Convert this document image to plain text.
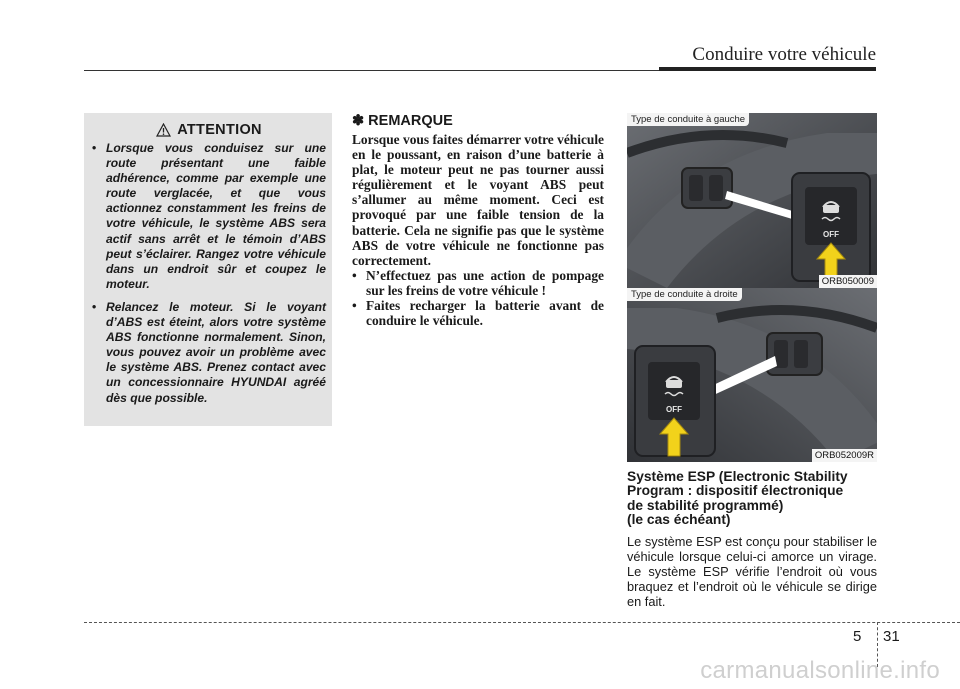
Conduire votre véhicule
ATTENTION
• Lorsque vous conduisez sur une route présentant une faible adhérence, comme par exemple une route verglacée, et que vous actionnez constamment les freins de votre véhicule, le système ABS sera actif sans arrêt et le témoin d’ABS peut s’éclairer. Rangez votre véhicule dans un endroit sûr et coupez le moteur.
• Relancez le moteur. Si le voyant d’ABS est éteint, alors votre système ABS fonctionne normalement. Sinon, vous pouvez avoir un problème avec le système ABS. Prenez contact avec un concessionnaire HYUNDAI agréé dès que possible.
✽ REMARQUE

Lorsque vous faites démarrer votre véhicule en le poussant, en raison d’une batterie à plat, le moteur peut ne pas tourner aussi régulièrement et le voyant ABS peut s’allumer au même moment. Ceci est provoqué par une faible tension de la batterie. Cela ne signifie pas que le système ABS de votre véhicule ne fonctionne pas correctement.

• N’effectuez pas une action de pompage sur les freins de votre véhicule !
• Faites recharger la batterie avant de conduire le véhicule.
OFF
Type de conduite à gauche
ORB050009
OFF
Type de conduite à droite
ORB052009R
Système ESP (Electronic Stability
Program : dispositif électronique
de stabilité programmé)
(le cas échéant)

Le système ESP est conçu pour stabiliser le véhicule lorsque celui-ci amorce un virage. Le système ESP vérifie l’endroit où vous braquez et l’endroit où le véhicule se dirige en fait.

5 31
carmanualsonline.info
